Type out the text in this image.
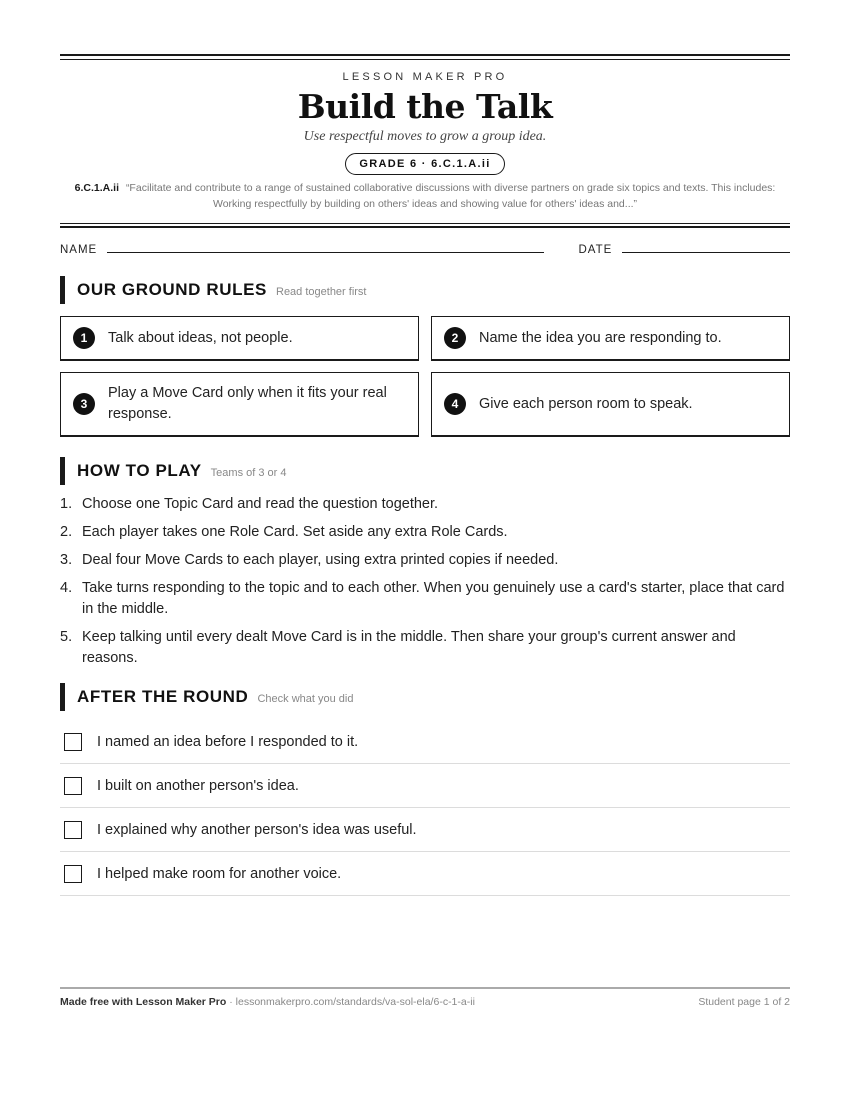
LESSON MAKER PRO
Build the Talk
Use respectful moves to grow a group idea.
GRADE 6 · 6.C.1.A.ii
6.C.1.A.ii “Facilitate and contribute to a range of sustained collaborative discussions with diverse partners on grade six topics and texts. This includes: Working respectfully by building on others' ideas and showing value for others' ideas and...”
NAME	DATE
OUR GROUND RULES Read together first
1	Talk about ideas, not people.	2	Name the idea you are responding to.
3
Play a Move Card only when it fits your real response.
4	Give each person room to speak.
HOW TO PLAY Teams of 3 or 4
1. Choose one Topic Card and read the question together.
2. Each player takes one Role Card. Set aside any extra Role Cards.
3. Deal four Move Cards to each player, using extra printed copies if needed.
4. Take turns responding to the topic and to each other. When you genuinely use a card's starter, place that card in the middle.
5. Keep talking until every dealt Move Card is in the middle. Then share your group's current answer and reasons.
AFTER THE ROUND Check what you did
I named an idea before I responded to it.
I built on another person's idea.
I explained why another person's idea was useful.
I helped make room for another voice.
Made free with Lesson Maker Pro · lessonmakerpro.com/standards/va-sol-ela/6-c-1-a-ii	Student page 1 of 2
